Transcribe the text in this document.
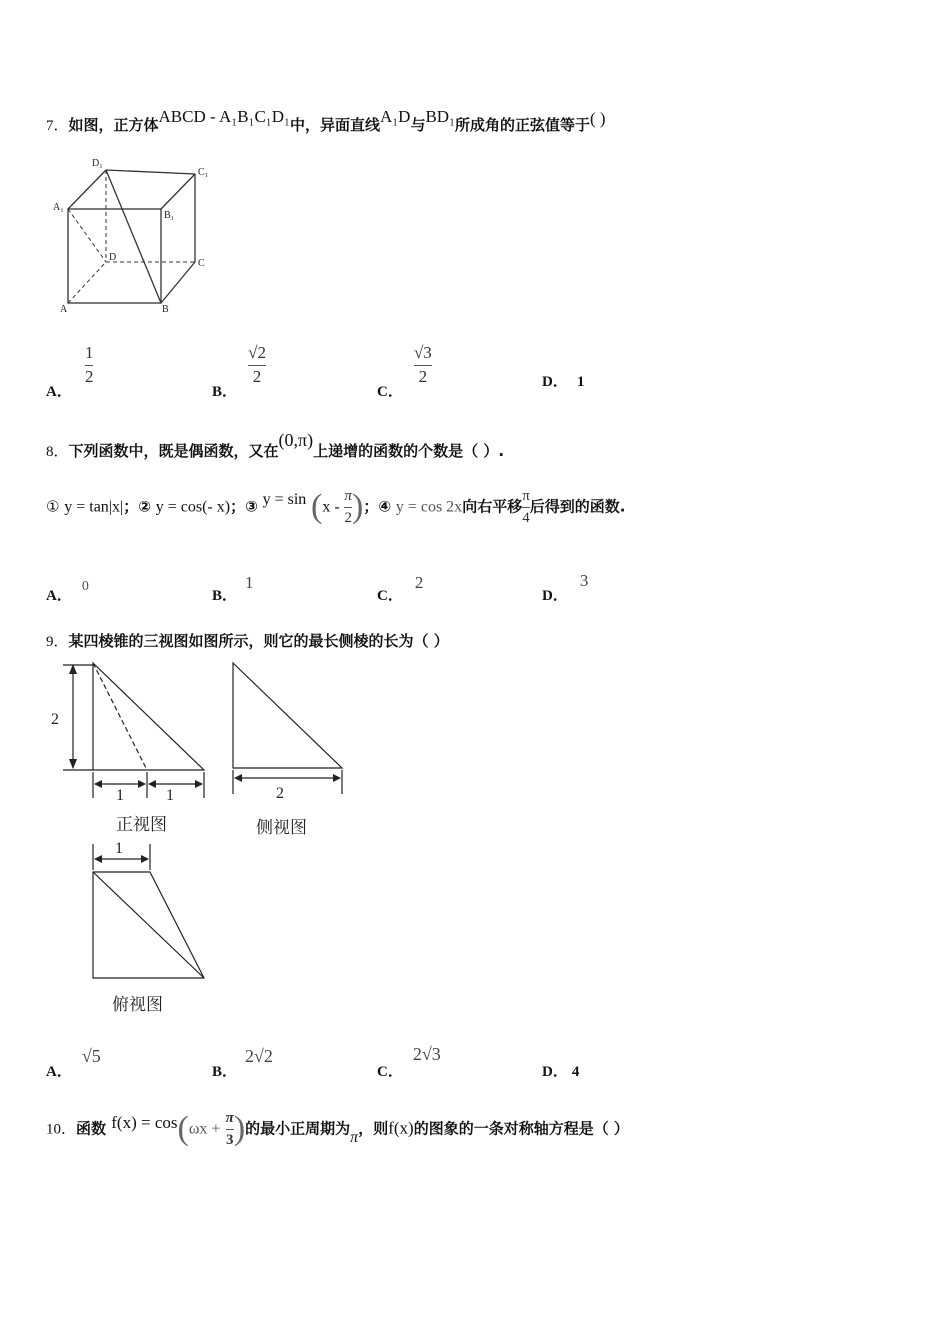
7．如图，正方体ABCD - A₁B₁C₁D₁中，异面直线A₁D与BD₁所成角的正弦值等于( )
D₁
C₁
A₁
B₁
D
C
A	B
A．
$\frac{1}{2}$
B．
$\frac{√2}{2}$
C．
$\frac{√3}{2}$	D． 1
8．下列函数中，既是偶函数，又在(0,π)上递增的函数的个数是（ ）.
① y = tan|x|；② y = cos(- x)；③ $y = \sin (x - \frac{\pi}{2}$ )；④ y = cos 2x向右平移 $\frac{\pi}{4}$ 后得到的函数.
A．0
B．1
C．2
D．3
9．某四棱锥的三视图如图所示，则它的最长侧棱的长为（ ）
2
1	1
正视图
2
侧视图
1
俯视图
A．√5
B．2√2
C．2√3
D． 4
10．函数 $f(x) = \cos(\omega x + \frac{\pi}{3}$ )的最小正周期为π，则f(x)的图象的一条对称轴方程是（ ）
